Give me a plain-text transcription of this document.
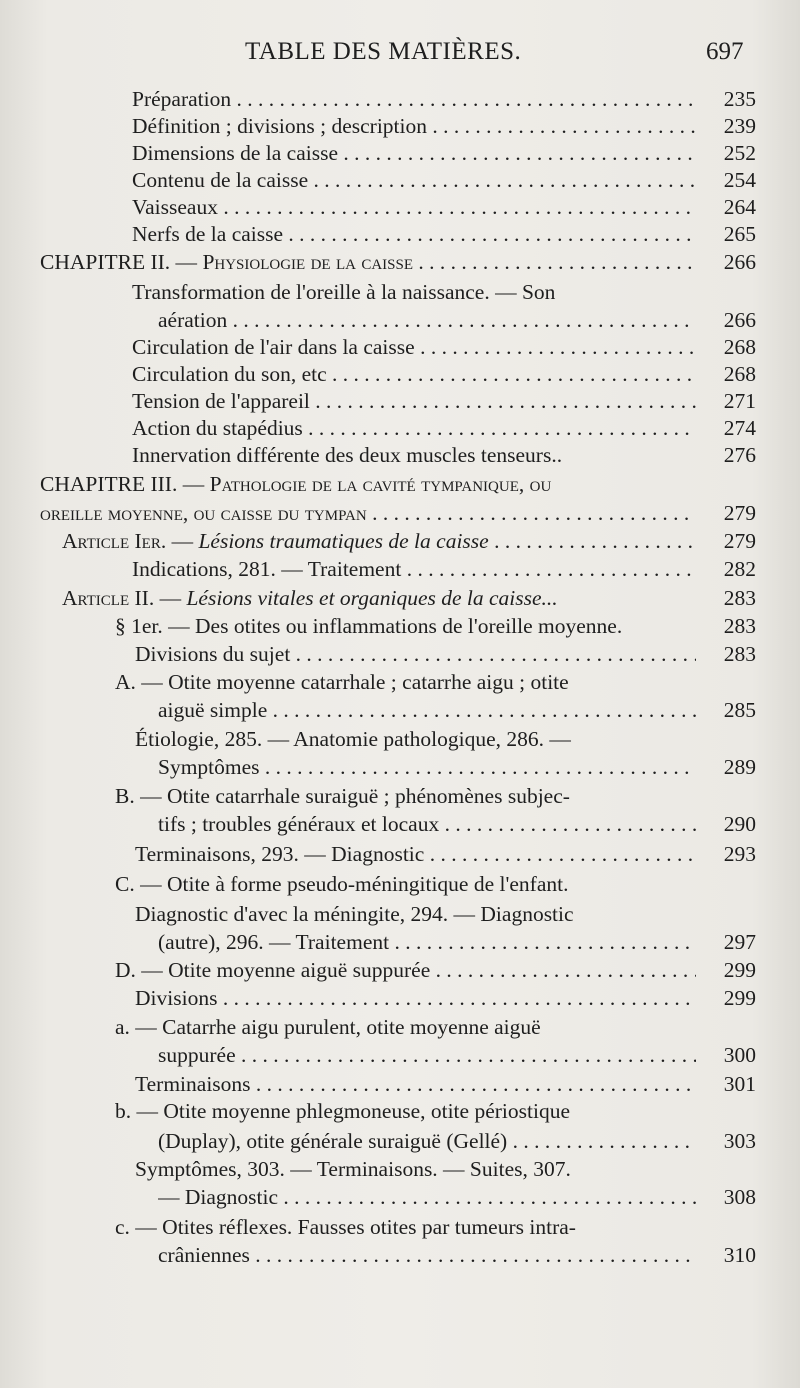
TABLE DES MATIÈRES.	697
Préparation . . .	235
Définition ; divisions ; description . . .	239
Dimensions de la caisse . . .	252
Contenu de la caisse . . .	254
Vaisseaux . . .	264
Nerfs de la caisse . . .	265
CHAPITRE II. — Physiologie de la caisse . . .	266
Transformation de l'oreille à la naissance. — Son
aération . . .	266
Circulation de l'air dans la caisse . . .	268
Circulation du son, etc . . .	268
Tension de l'appareil . . .	271
Action du stapédius . . .	274
Innervation différente des deux muscles tenseurs..	276
CHAPITRE III. — Pathologie de la cavité tympanique, ou
oreille moyenne, ou caisse du tympan . . .	279
Article Ier. — Lésions traumatiques de la caisse . . .	279
Indications, 281. — Traitement . . .	282
Article II. — Lésions vitales et organiques de la caisse...	283
§ 1er. — Des otites ou inflammations de l'oreille moyenne.	283
Divisions du sujet . . .	283
A. — Otite moyenne catarrhale ; catarrhe aigu ; otite
aiguë simple . . .	285
Étiologie, 285. — Anatomie pathologique, 286. —
Symptômes . . .	289
B. — Otite catarrhale suraiguë ; phénomènes subjec-
tifs ; troubles généraux et locaux . . .	290
Terminaisons, 293. — Diagnostic . . .	293
C. — Otite à forme pseudo-méningitique de l'enfant.
Diagnostic d'avec la méningite, 294. — Diagnostic
(autre), 296. — Traitement . . .	297
D. — Otite moyenne aiguë suppurée . . .	299
Divisions . . .	299
a. — Catarrhe aigu purulent, otite moyenne aiguë
suppurée . . .	300
Terminaisons . . .	301
b. — Otite moyenne phlegmoneuse, otite périostique
(Duplay), otite générale suraiguë (Gellé) . . .	303
Symptômes, 303. — Terminaisons. — Suites, 307.
— Diagnostic . . .	308
c. — Otites réflexes. Fausses otites par tumeurs intra-
crâniennes . . .	310
